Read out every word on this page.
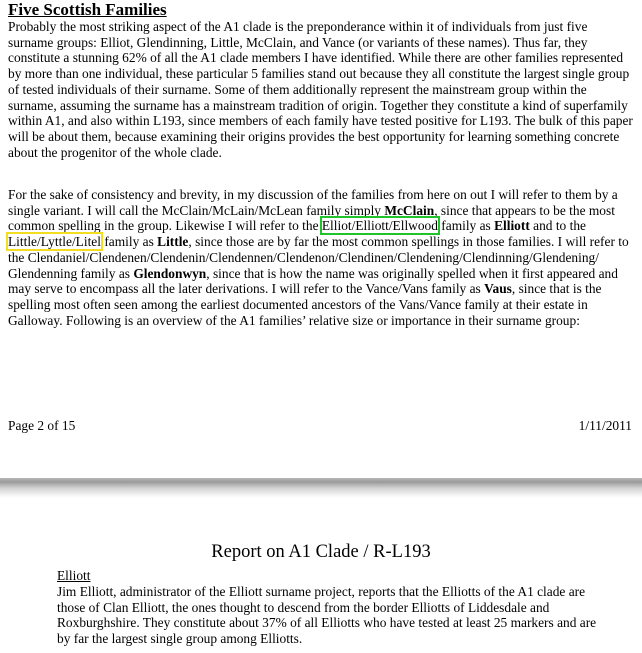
Five Scottish Families

Probably the most striking aspect of the A1 clade is the preponderance within it of individuals from just five surname groups: Elliot, Glendinning, Little, McClain, and Vance (or variants of these names). Thus far, they constitute a stunning 62% of all the A1 clade members I have identified. While there are other families represented by more than one individual, these particular 5 families stand out because they all constitute the largest single group of tested individuals of their surname. Some of them additionally represent the mainstream group within the surname, assuming the surname has a mainstream tradition of origin. Together they constitute a kind of superfamily within A1, and also within L193, since members of each family have tested positive for L193. The bulk of this paper will be about them, because examining their origins provides the best opportunity for learning something concrete about the progenitor of the whole clade.

For the sake of consistency and brevity, in my discussion of the families from here on out I will refer to them by a single variant. I will call the McClain/McLain/McLean family simply McClain, since that appears to be the most common spelling in the group. Likewise I will refer to the Elliot/Elliott/Ellwood family as Elliott and to the Little/Lyttle/Litel family as Little, since those are by far the most common spellings in those families. I will refer to the Clendaniel/Clendenen/Clendenin/Clendennen/Clendenon/Clendinen/Clendening/Clendinning/Glendening/ Glendenning family as Glendonwyn, since that is how the name was originally spelled when it first appeared and may serve to encompass all the later derivations. I will refer to the Vance/Vans family as Vaus, since that is the spelling most often seen among the earliest documented ancestors of the Vans/Vance family at their estate in Galloway. Following is an overview of the A1 families’ relative size or importance in their surname group:

Page 2 of 15	1/11/2011
Report on A1 Clade / R-L193
Elliott

Jim Elliott, administrator of the Elliott surname project, reports that the Elliotts of the A1 clade are those of Clan Elliott, the ones thought to descend from the border Elliotts of Liddesdale and Roxburghshire. They constitute about 37% of all Elliotts who have tested at least 25 markers and are by far the largest single group among Elliotts.
